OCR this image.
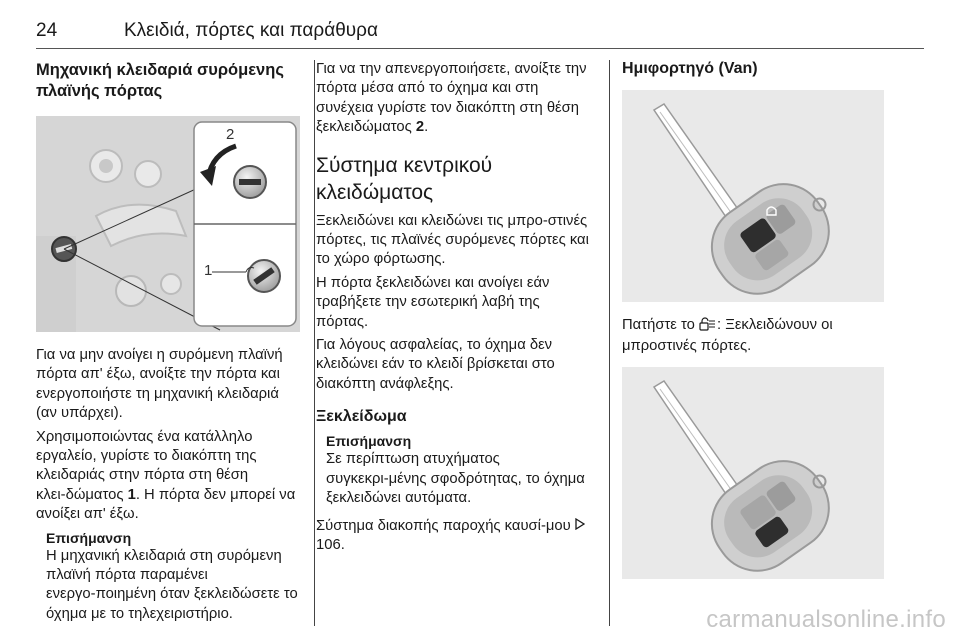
24	Κλειδιά, πόρτες και παράθυρα
Μηχανική κλειδαριά συρόμενης πλαϊνής πόρτας
2
1

Για να μην ανοίγει η συρόμενη πλαϊνή πόρτα απ' έξω, ανοίξτε την πόρτα και ενεργοποιήστε τη μηχανική κλειδαριά (αν υπάρχει).

Χρησιμοποιώντας ένα κατάλληλο εργαλείο, γυρίστε το διακόπτη της κλειδαριάς στην πόρτα στη θέση κλει‑δώματος 1. Η πόρτα δεν μπορεί να ανοίξει απ' έξω.

Επισήμανση

Η μηχανική κλειδαριά στη συρόμενη πλαϊνή πόρτα παραμένει ενεργο‑ποιημένη όταν ξεκλειδώσετε το όχημα με το τηλεχειριστήριο.

Για να την απενεργοποιήσετε, ανοίξτε την πόρτα μέσα από το όχημα και στη συνέχεια γυρίστε τον διακόπτη στη θέση ξεκλειδώματος 2.

Σύστημα κεντρικού κλειδώματος

Ξεκλειδώνει και κλειδώνει τις μπρο‑στινές πόρτες, τις πλαϊνές συρόμενες πόρτες και το χώρο φόρτωσης.

Η πόρτα ξεκλειδώνει και ανοίγει εάν τραβήξετε την εσωτερική λαβή της πόρτας.

Για λόγους ασφαλείας, το όχημα δεν κλειδώνει εάν το κλειδί βρίσκεται στο διακόπτη ανάφλεξης.

Ξεκλείδωμα
Επισήμανση

Σε περίπτωση ατυχήματος συγκεκρι‑μένης σφοδρότητας, το όχημα ξεκλειδώνει αυτόματα.

Σύστημα διακοπής παροχής καυσί‑μου  106.

Ημιφορτηγό (Van)

Πατήστε το : Ξεκλειδώνουν οι μπροστινές πόρτες.

carmanualsonline.info
